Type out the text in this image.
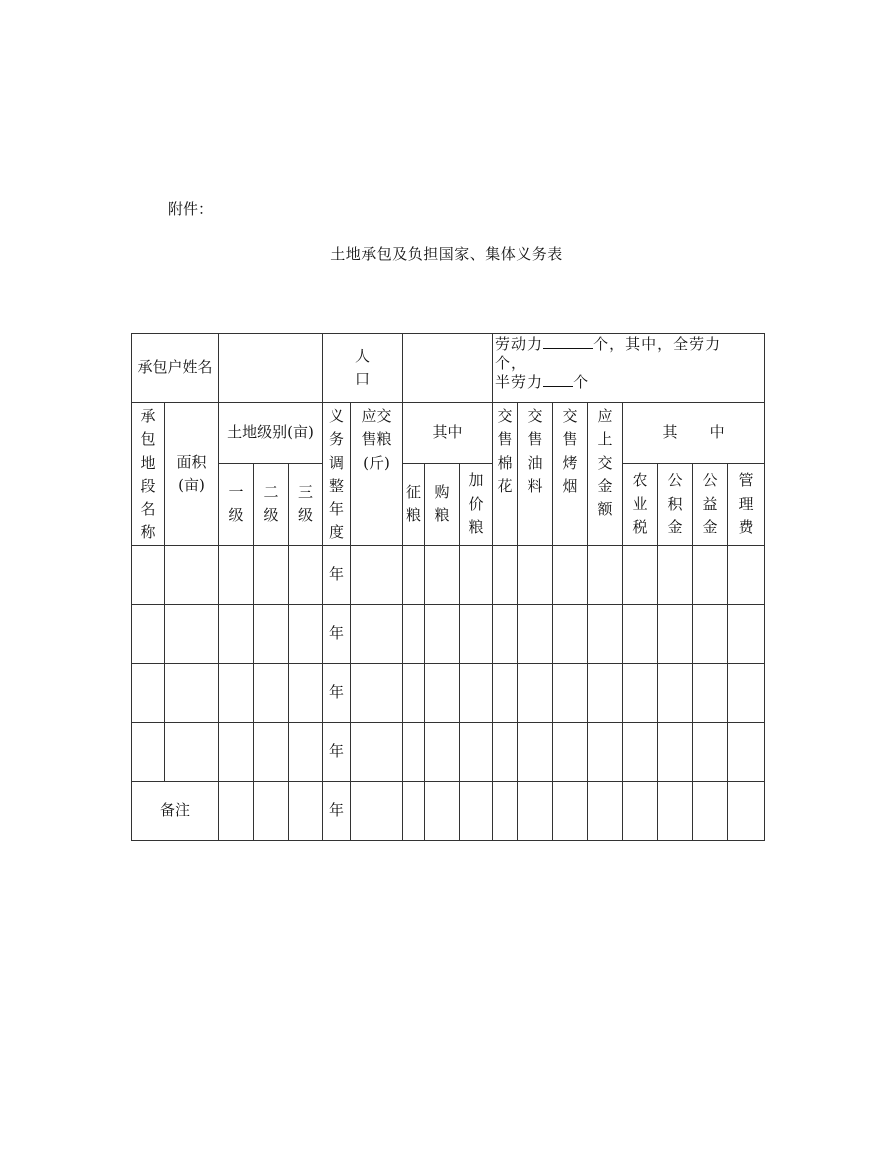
附件：
土地承包及负担国家、集体义务表
承包户姓名					人口					劳动力 个，其中，全劳力
个，
半劳力 个							

承包地段名称	面积(亩)	土地级别(亩)			义务调整年度	应交售粮(斤)	其中			交售棉花	交售油料	交售烤烟	应上交金额	其 中			
		一级	二级	三级			征粮	购粮	加价粮					农业税	公积金	公益金	管理费
					年												
					年												
					年												
					年												
备注					年												
